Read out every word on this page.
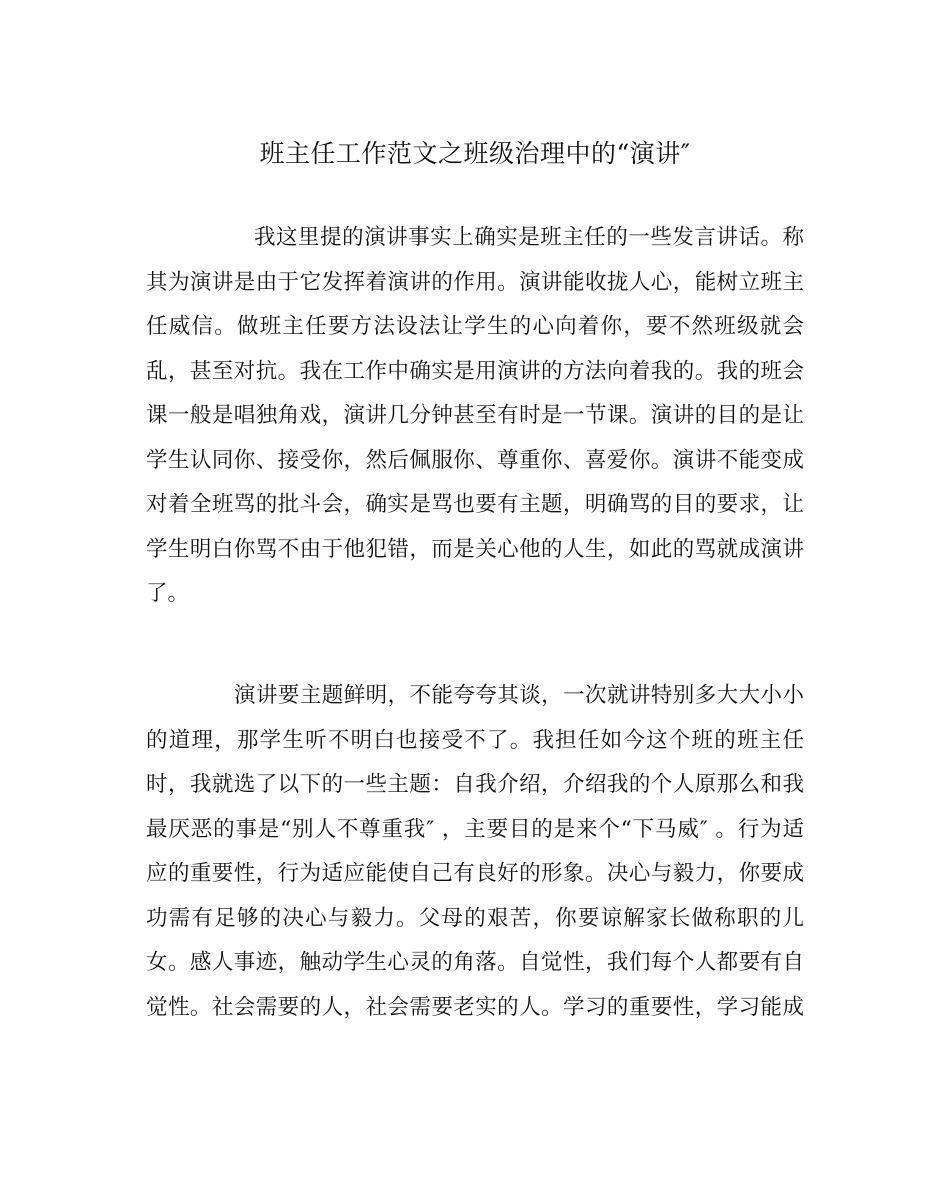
班主任工作范文之班级治理中的“演讲″
我这里提的演讲事实上确实是班主任的一些发言讲话。称
其为演讲是由于它发挥着演讲的作用。演讲能收拢人心，能树立班主
任威信。做班主任要方法设法让学生的心向着你，要不然班级就会
乱，甚至对抗。我在工作中确实是用演讲的方法向着我的。我的班会
课一般是唱独角戏，演讲几分钟甚至有时是一节课。演讲的目的是让
学生认同你、接受你，然后佩服你、尊重你、喜爱你。演讲不能变成
对着全班骂的批斗会，确实是骂也要有主题，明确骂的目的要求，让
学生明白你骂不由于他犯错，而是关心他的人生，如此的骂就成演讲
了。
演讲要主题鲜明，不能夸夸其谈，一次就讲特别多大大小小
的道理，那学生听不明白也接受不了。我担任如今这个班的班主任
时，我就选了以下的一些主题：自我介绍，介绍我的个人原那么和我
最厌恶的事是“别人不尊重我″ ，主要目的是来个“下马威″ 。行为适
应的重要性，行为适应能使自己有良好的形象。决心与毅力，你要成
功需有足够的决心与毅力。父母的艰苦，你要谅解家长做称职的儿
女。感人事迹，触动学生心灵的角落。自觉性，我们每个人都要有自
觉性。社会需要的人，社会需要老实的人。学习的重要性，学习能成
